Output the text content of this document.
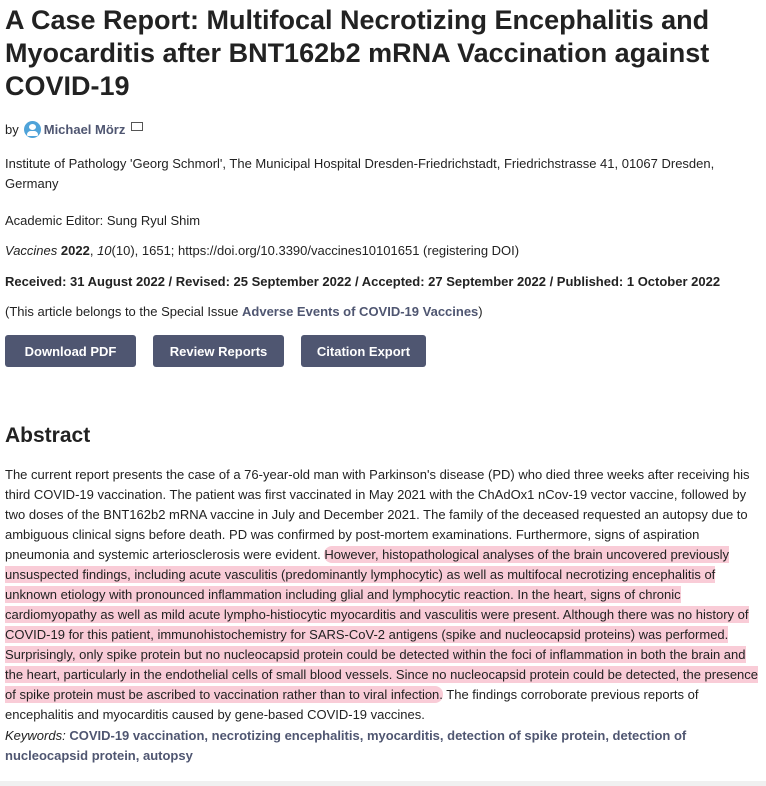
A Case Report: Multifocal Necrotizing Encephalitis and Myocarditis after BNT162b2 mRNA Vaccination against COVID-19
by Michael Mörz
Institute of Pathology 'Georg Schmorl', The Municipal Hospital Dresden-Friedrichstadt, Friedrichstrasse 41, 01067 Dresden, Germany
Academic Editor: Sung Ryul Shim
Vaccines 2022, 10(10), 1651; https://doi.org/10.3390/vaccines10101651 (registering DOI)
Received: 31 August 2022 / Revised: 25 September 2022 / Accepted: 27 September 2022 / Published: 1 October 2022
(This article belongs to the Special Issue Adverse Events of COVID-19 Vaccines)
Download PDF	Review Reports	Citation Export
Abstract
The current report presents the case of a 76-year-old man with Parkinson's disease (PD) who died three weeks after receiving his third COVID-19 vaccination. The patient was first vaccinated in May 2021 with the ChAdOx1 nCov-19 vector vaccine, followed by two doses of the BNT162b2 mRNA vaccine in July and December 2021. The family of the deceased requested an autopsy due to ambiguous clinical signs before death. PD was confirmed by post-mortem examinations. Furthermore, signs of aspiration pneumonia and systemic arteriosclerosis were evident. However, histopathological analyses of the brain uncovered previously unsuspected findings, including acute vasculitis (predominantly lymphocytic) as well as multifocal necrotizing encephalitis of unknown etiology with pronounced inflammation including glial and lymphocytic reaction. In the heart, signs of chronic cardiomyopathy as well as mild acute lympho-histiocytic myocarditis and vasculitis were present. Although there was no history of COVID-19 for this patient, immunohistochemistry for SARS-CoV-2 antigens (spike and nucleocapsid proteins) was performed. Surprisingly, only spike protein but no nucleocapsid protein could be detected within the foci of inflammation in both the brain and the heart, particularly in the endothelial cells of small blood vessels. Since no nucleocapsid protein could be detected, the presence of spike protein must be ascribed to vaccination rather than to viral infection. The findings corroborate previous reports of encephalitis and myocarditis caused by gene-based COVID-19 vaccines.
Keywords: COVID-19 vaccination, necrotizing encephalitis, myocarditis, detection of spike protein, detection of nucleocapsid protein, autopsy
